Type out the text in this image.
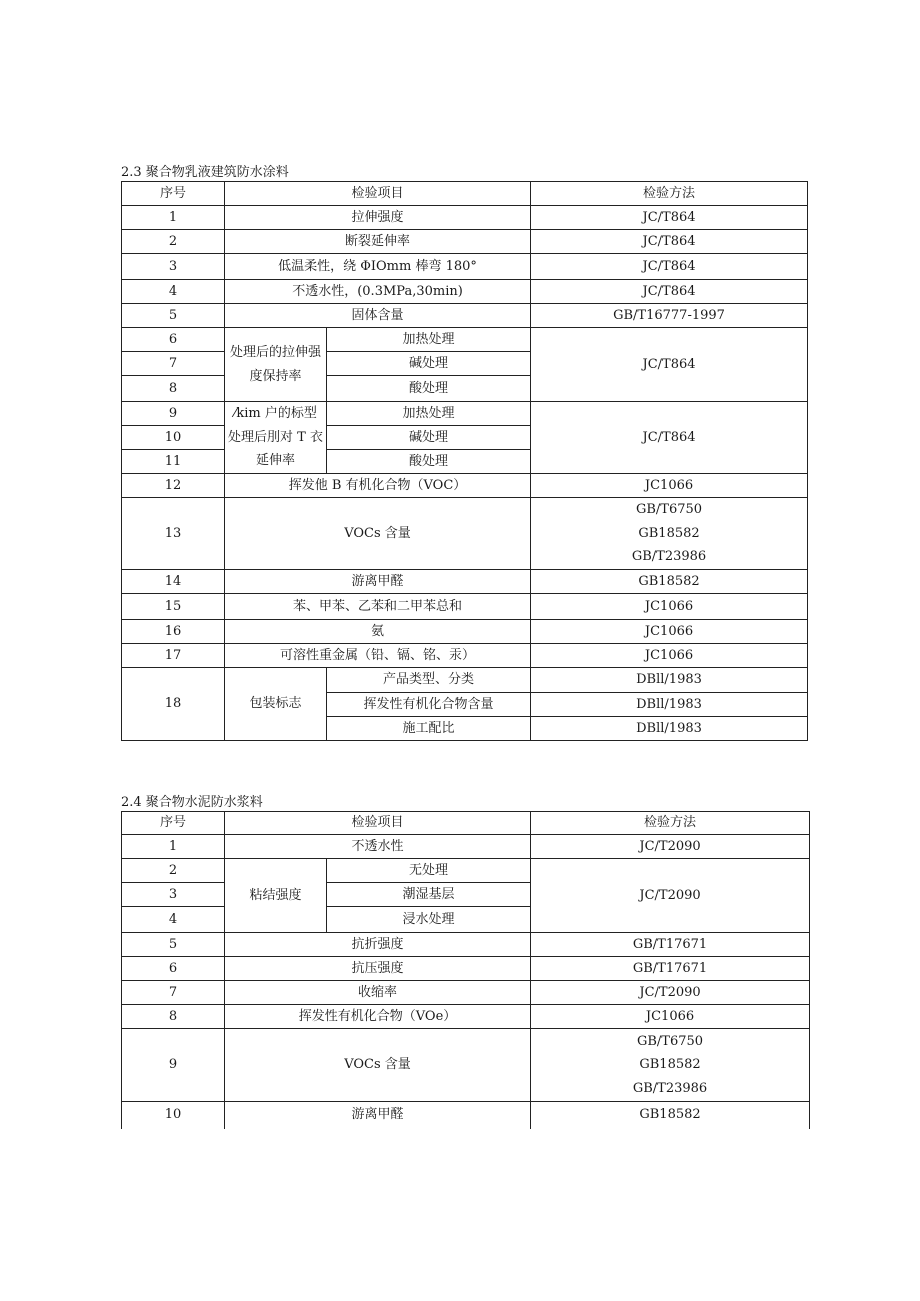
2.3 聚合物乳液建筑防水涂料
序号	检验项目		检验方法
1	拉伸强度		JC/T864
2	断裂延伸率		JC/T864
3	低温柔性，绕 ΦIOmm 棒弯 180°		JC/T864
4	不透水性，(0.3MPa,30min)		JC/T864
5	固体含量		GB/T16777-1997
6	处理后的拉伸强度保持率	加热处理	JC/T864
7		碱处理	
8		酸处理	
9	⁄kim 户的标型
处理后刖对 T 衣
延伸率	加热处理	JC/T864
10		碱处理	
11		酸处理	
12	挥发他 B 有机化合物（VOC）		JC1066
13	VOCs 含量		GB/T6750
GB18582
GB/T23986

14	游离甲醛		GB18582
15	苯、甲苯、乙苯和二甲苯总和		JC1066
16	氨		JC1066
17	可溶性重金属（铅、镉、铭、汞）		JC1066
18	包装标志	产品类型、分类	DBll/1983
		挥发性有机化合物含量	DBll/1983
		施工配比	DBll/1983
2.4 聚合物水泥防水浆料
序号	检验项目		检验方法
1	不透水性		JC/T2090
2	粘结强度	无处理	JC/T2090
3		潮湿基层	
4		浸水处理	
5	抗折强度		GB/T17671
6	抗压强度		GB/T17671
7	收缩率		JC/T2090
8	挥发性有机化合物（VOe）		JC1066
9	VOCs 含量		GB/T6750
GB18582
GB/T23986

10	游离甲醛		GB18582
